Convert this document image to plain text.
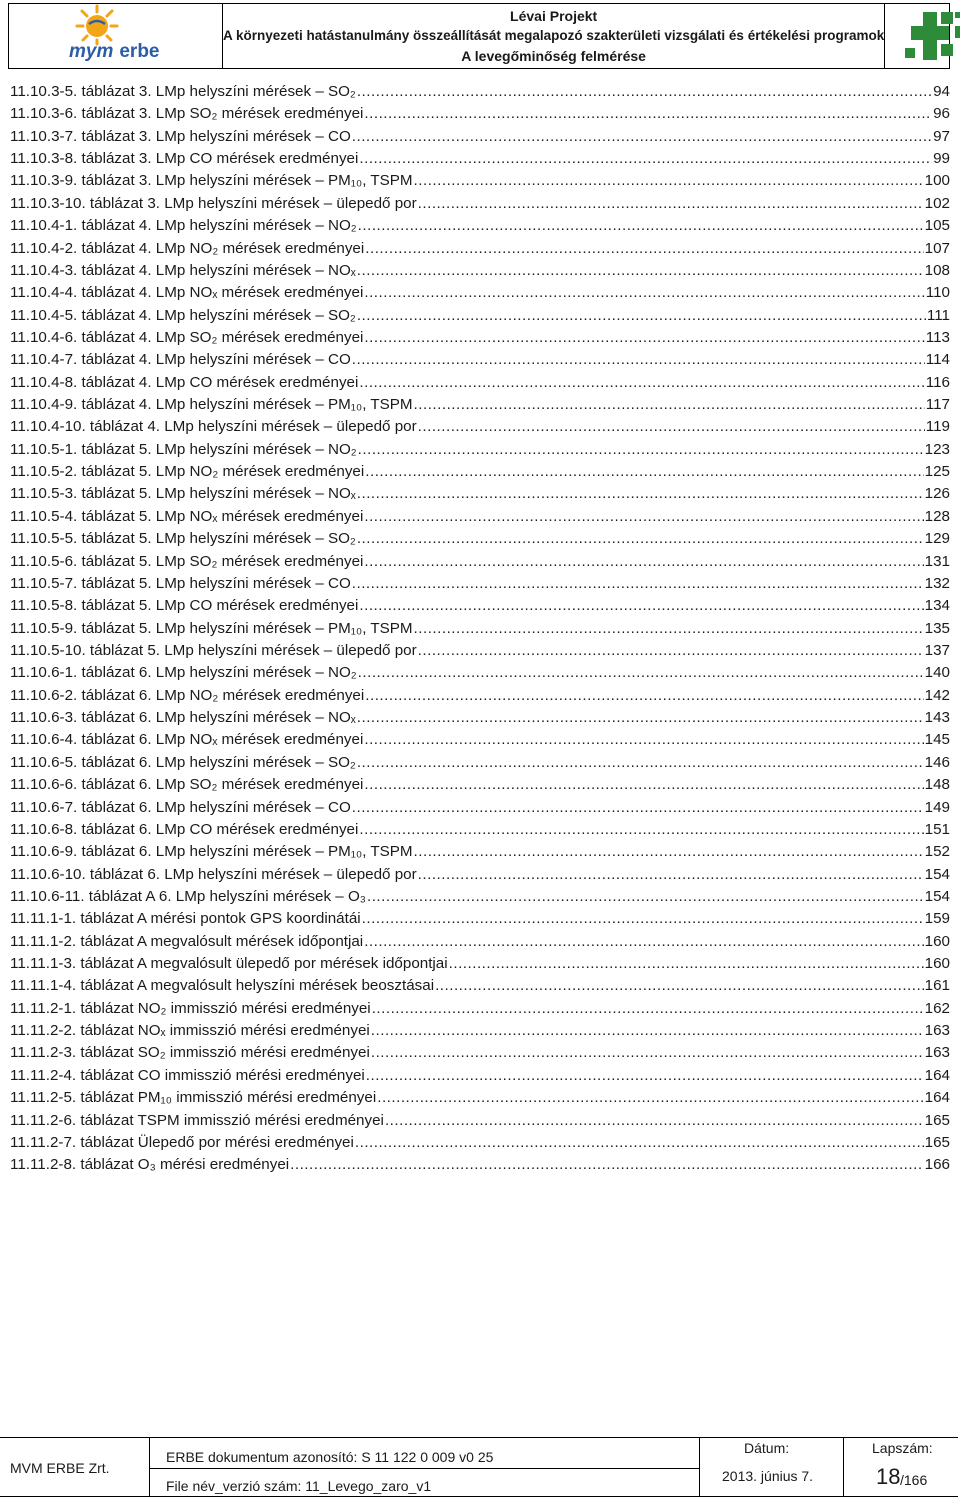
mym erbe
Lévai Projekt
A környezeti hatástanulmány összeállítását megalapozó szakterületi vizsgálati és értékelési programok
A levegőminőség felmérése
11.10.3-5. táblázat 3. LMp helyszíni mérések – SO₂ .....	94
11.10.3-6. táblázat 3. LMp SO₂ mérések eredményei .....	96
11.10.3-7. táblázat 3. LMp helyszíni mérések – CO .....	97
11.10.3-8. táblázat 3. LMp CO mérések eredményei .....	99
11.10.3-9. táblázat 3. LMp helyszíni mérések – PM₁₀, TSPM .....	100
11.10.3-10. táblázat 3. LMp helyszíni mérések – ülepedő por .....	102
11.10.4-1. táblázat 4. LMp helyszíni mérések – NO₂ .....	105
11.10.4-2. táblázat 4. LMp NO₂ mérések eredményei .....	107
11.10.4-3. táblázat 4. LMp helyszíni mérések – NOₓ .....	108
11.10.4-4. táblázat 4. LMp NOₓ mérések eredményei .....	110
11.10.4-5. táblázat 4. LMp helyszíni mérések – SO₂ .....	111
11.10.4-6. táblázat 4. LMp SO₂ mérések eredményei .....	113
11.10.4-7. táblázat 4. LMp helyszíni mérések – CO .....	114
11.10.4-8. táblázat 4. LMp CO mérések eredményei .....	116
11.10.4-9. táblázat 4. LMp helyszíni mérések – PM₁₀, TSPM .....	117
11.10.4-10. táblázat 4. LMp helyszíni mérések – ülepedő por .....	119
11.10.5-1. táblázat 5. LMp helyszíni mérések – NO₂ .....	123
11.10.5-2. táblázat 5. LMp NO₂ mérések eredményei .....	125
11.10.5-3. táblázat 5. LMp helyszíni mérések – NOₓ .....	126
11.10.5-4. táblázat 5. LMp NOₓ mérések eredményei .....	128
11.10.5-5. táblázat 5. LMp helyszíni mérések – SO₂ .....	129
11.10.5-6. táblázat 5. LMp SO₂ mérések eredményei .....	131
11.10.5-7. táblázat 5. LMp helyszíni mérések – CO .....	132
11.10.5-8. táblázat 5. LMp CO mérések eredményei .....	134
11.10.5-9. táblázat 5. LMp helyszíni mérések – PM₁₀, TSPM .....	135
11.10.5-10. táblázat 5. LMp helyszíni mérések – ülepedő por .....	137
11.10.6-1. táblázat 6. LMp helyszíni mérések – NO₂ .....	140
11.10.6-2. táblázat 6. LMp NO₂ mérések eredményei .....	142
11.10.6-3. táblázat 6. LMp helyszíni mérések – NOₓ .....	143
11.10.6-4. táblázat 6. LMp NOₓ mérések eredményei .....	145
11.10.6-5. táblázat 6. LMp helyszíni mérések – SO₂ .....	146
11.10.6-6. táblázat 6. LMp SO₂ mérések eredményei .....	148
11.10.6-7. táblázat 6. LMp helyszíni mérések – CO .....	149
11.10.6-8. táblázat 6. LMp CO mérések eredményei .....	151
11.10.6-9. táblázat 6. LMp helyszíni mérések – PM₁₀, TSPM .....	152
11.10.6-10. táblázat 6. LMp helyszíni mérések – ülepedő por .....	154
11.10.6-11. táblázat A 6. LMp helyszíni mérések – O₃ .....	154
11.11.1-1. táblázat A mérési pontok GPS koordinátái .....	159
11.11.1-2. táblázat A megvalósult mérések időpontjai .....	160
11.11.1-3. táblázat A megvalósult ülepedő por mérések időpontjai .....	160
11.11.1-4. táblázat A megvalósult helyszíni mérések beosztásai .....	161
11.11.2-1. táblázat NO₂ immisszió mérési eredményei .....	162
11.11.2-2. táblázat NOₓ immisszió mérési eredményei .....	163
11.11.2-3. táblázat SO₂ immisszió mérési eredményei .....	163
11.11.2-4. táblázat CO immisszió mérési eredményei .....	164
11.11.2-5. táblázat PM₁₀ immisszió mérési eredményei .....	164
11.11.2-6. táblázat TSPM immisszió mérési eredményei .....	165
11.11.2-7. táblázat Ülepedő por mérési eredményei .....	165
11.11.2-8. táblázat O₃ mérési eredményei .....	166
MVM ERBE Zrt.
ERBE dokumentum azonosító: S 11 122 0 009 v0 25
File név_verzió szám: 11_Levego_zaro_v1
Dátum:
2013. június 7.
Lapszám:
18 /166
